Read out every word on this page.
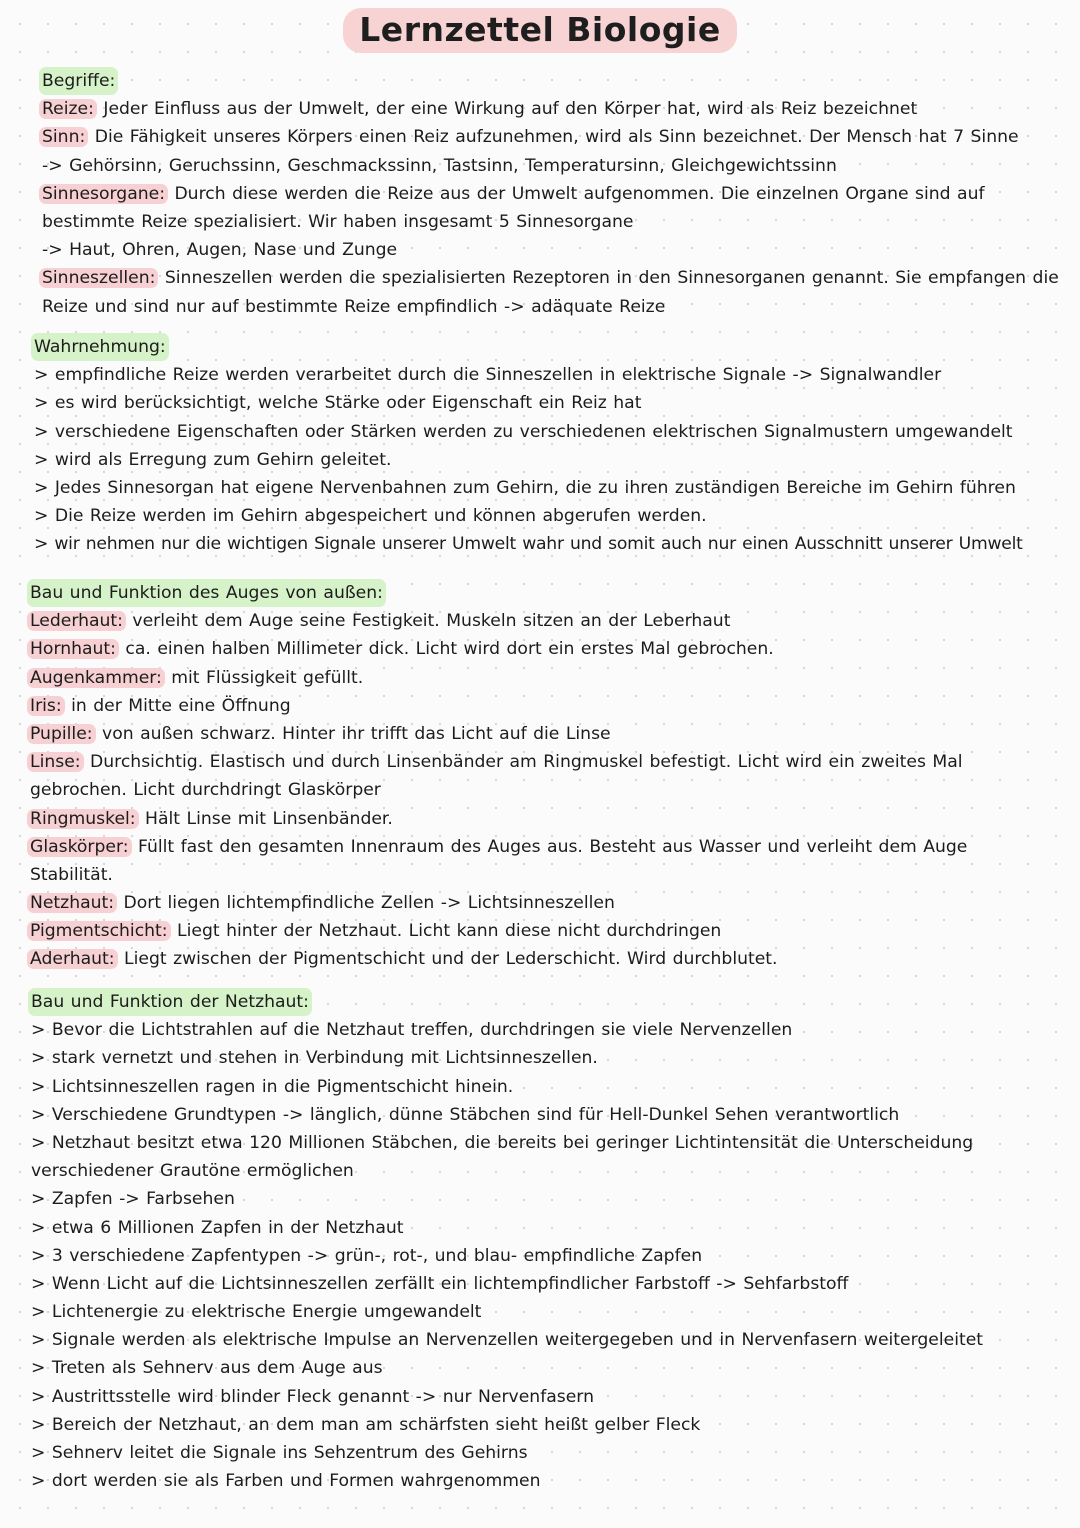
Lernzettel Biologie
Begriffe:
Reize: Jeder Einfluss aus der Umwelt, der eine Wirkung auf den Körper hat, wird als Reiz bezeichnet
Sinn: Die Fähigkeit unseres Körpers einen Reiz aufzunehmen, wird als Sinn bezeichnet. Der Mensch hat 7 Sinne
-> Gehörsinn, Geruchssinn, Geschmackssinn, Tastsinn, Temperatursinn, Gleichgewichtssinn
Sinnesorgane: Durch diese werden die Reize aus der Umwelt aufgenommen. Die einzelnen Organe sind auf
bestimmte Reize spezialisiert. Wir haben insgesamt 5 Sinnesorgane
-> Haut, Ohren, Augen, Nase und Zunge
Sinneszellen: Sinneszellen werden die spezialisierten Rezeptoren in den Sinnesorganen genannt. Sie empfangen die
Reize und sind nur auf bestimmte Reize empfindlich -> adäquate Reize
Wahrnehmung:
> empfindliche Reize werden verarbeitet durch die Sinneszellen in elektrische Signale -> Signalwandler
> es wird berücksichtigt, welche Stärke oder Eigenschaft ein Reiz hat
> verschiedene Eigenschaften oder Stärken werden zu verschiedenen elektrischen Signalmustern umgewandelt
> wird als Erregung zum Gehirn geleitet.
> Jedes Sinnesorgan hat eigene Nervenbahnen zum Gehirn, die zu ihren zuständigen Bereiche im Gehirn führen
> Die Reize werden im Gehirn abgespeichert und können abgerufen werden.
> wir nehmen nur die wichtigen Signale unserer Umwelt wahr und somit auch nur einen Ausschnitt unserer Umwelt
Bau und Funktion des Auges von außen:
Lederhaut: verleiht dem Auge seine Festigkeit. Muskeln sitzen an der Leberhaut
Hornhaut: ca. einen halben Millimeter dick. Licht wird dort ein erstes Mal gebrochen.
Augenkammer: mit Flüssigkeit gefüllt.
Iris: in der Mitte eine Öffnung
Pupille: von außen schwarz. Hinter ihr trifft das Licht auf die Linse
Linse: Durchsichtig. Elastisch und durch Linsenbänder am Ringmuskel befestigt. Licht wird ein zweites Mal
gebrochen. Licht durchdringt Glaskörper
Ringmuskel: Hält Linse mit Linsenbänder.
Glaskörper: Füllt fast den gesamten Innenraum des Auges aus. Besteht aus Wasser und verleiht dem Auge
Stabilität.
Netzhaut: Dort liegen lichtempfindliche Zellen -> Lichtsinneszellen
Pigmentschicht: Liegt hinter der Netzhaut. Licht kann diese nicht durchdringen
Aderhaut: Liegt zwischen der Pigmentschicht und der Lederschicht. Wird durchblutet.
Bau und Funktion der Netzhaut:
> Bevor die Lichtstrahlen auf die Netzhaut treffen, durchdringen sie viele Nervenzellen
> stark vernetzt und stehen in Verbindung mit Lichtsinneszellen.
> Lichtsinneszellen ragen in die Pigmentschicht hinein.
> Verschiedene Grundtypen -> länglich, dünne Stäbchen sind für Hell-Dunkel Sehen verantwortlich
> Netzhaut besitzt etwa 120 Millionen Stäbchen, die bereits bei geringer Lichtintensität die Unterscheidung
verschiedener Grautöne ermöglichen
> Zapfen -> Farbsehen
> etwa 6 Millionen Zapfen in der Netzhaut
> 3 verschiedene Zapfentypen -> grün-, rot-, und blau- empfindliche Zapfen
> Wenn Licht auf die Lichtsinneszellen zerfällt ein lichtempfindlicher Farbstoff -> Sehfarbstoff
> Lichtenergie zu elektrische Energie umgewandelt
> Signale werden als elektrische Impulse an Nervenzellen weitergegeben und in Nervenfasern weitergeleitet
> Treten als Sehnerv aus dem Auge aus
> Austrittsstelle wird blinder Fleck genannt -> nur Nervenfasern
> Bereich der Netzhaut, an dem man am schärfsten sieht heißt gelber Fleck
> Sehnerv leitet die Signale ins Sehzentrum des Gehirns
> dort werden sie als Farben und Formen wahrgenommen
